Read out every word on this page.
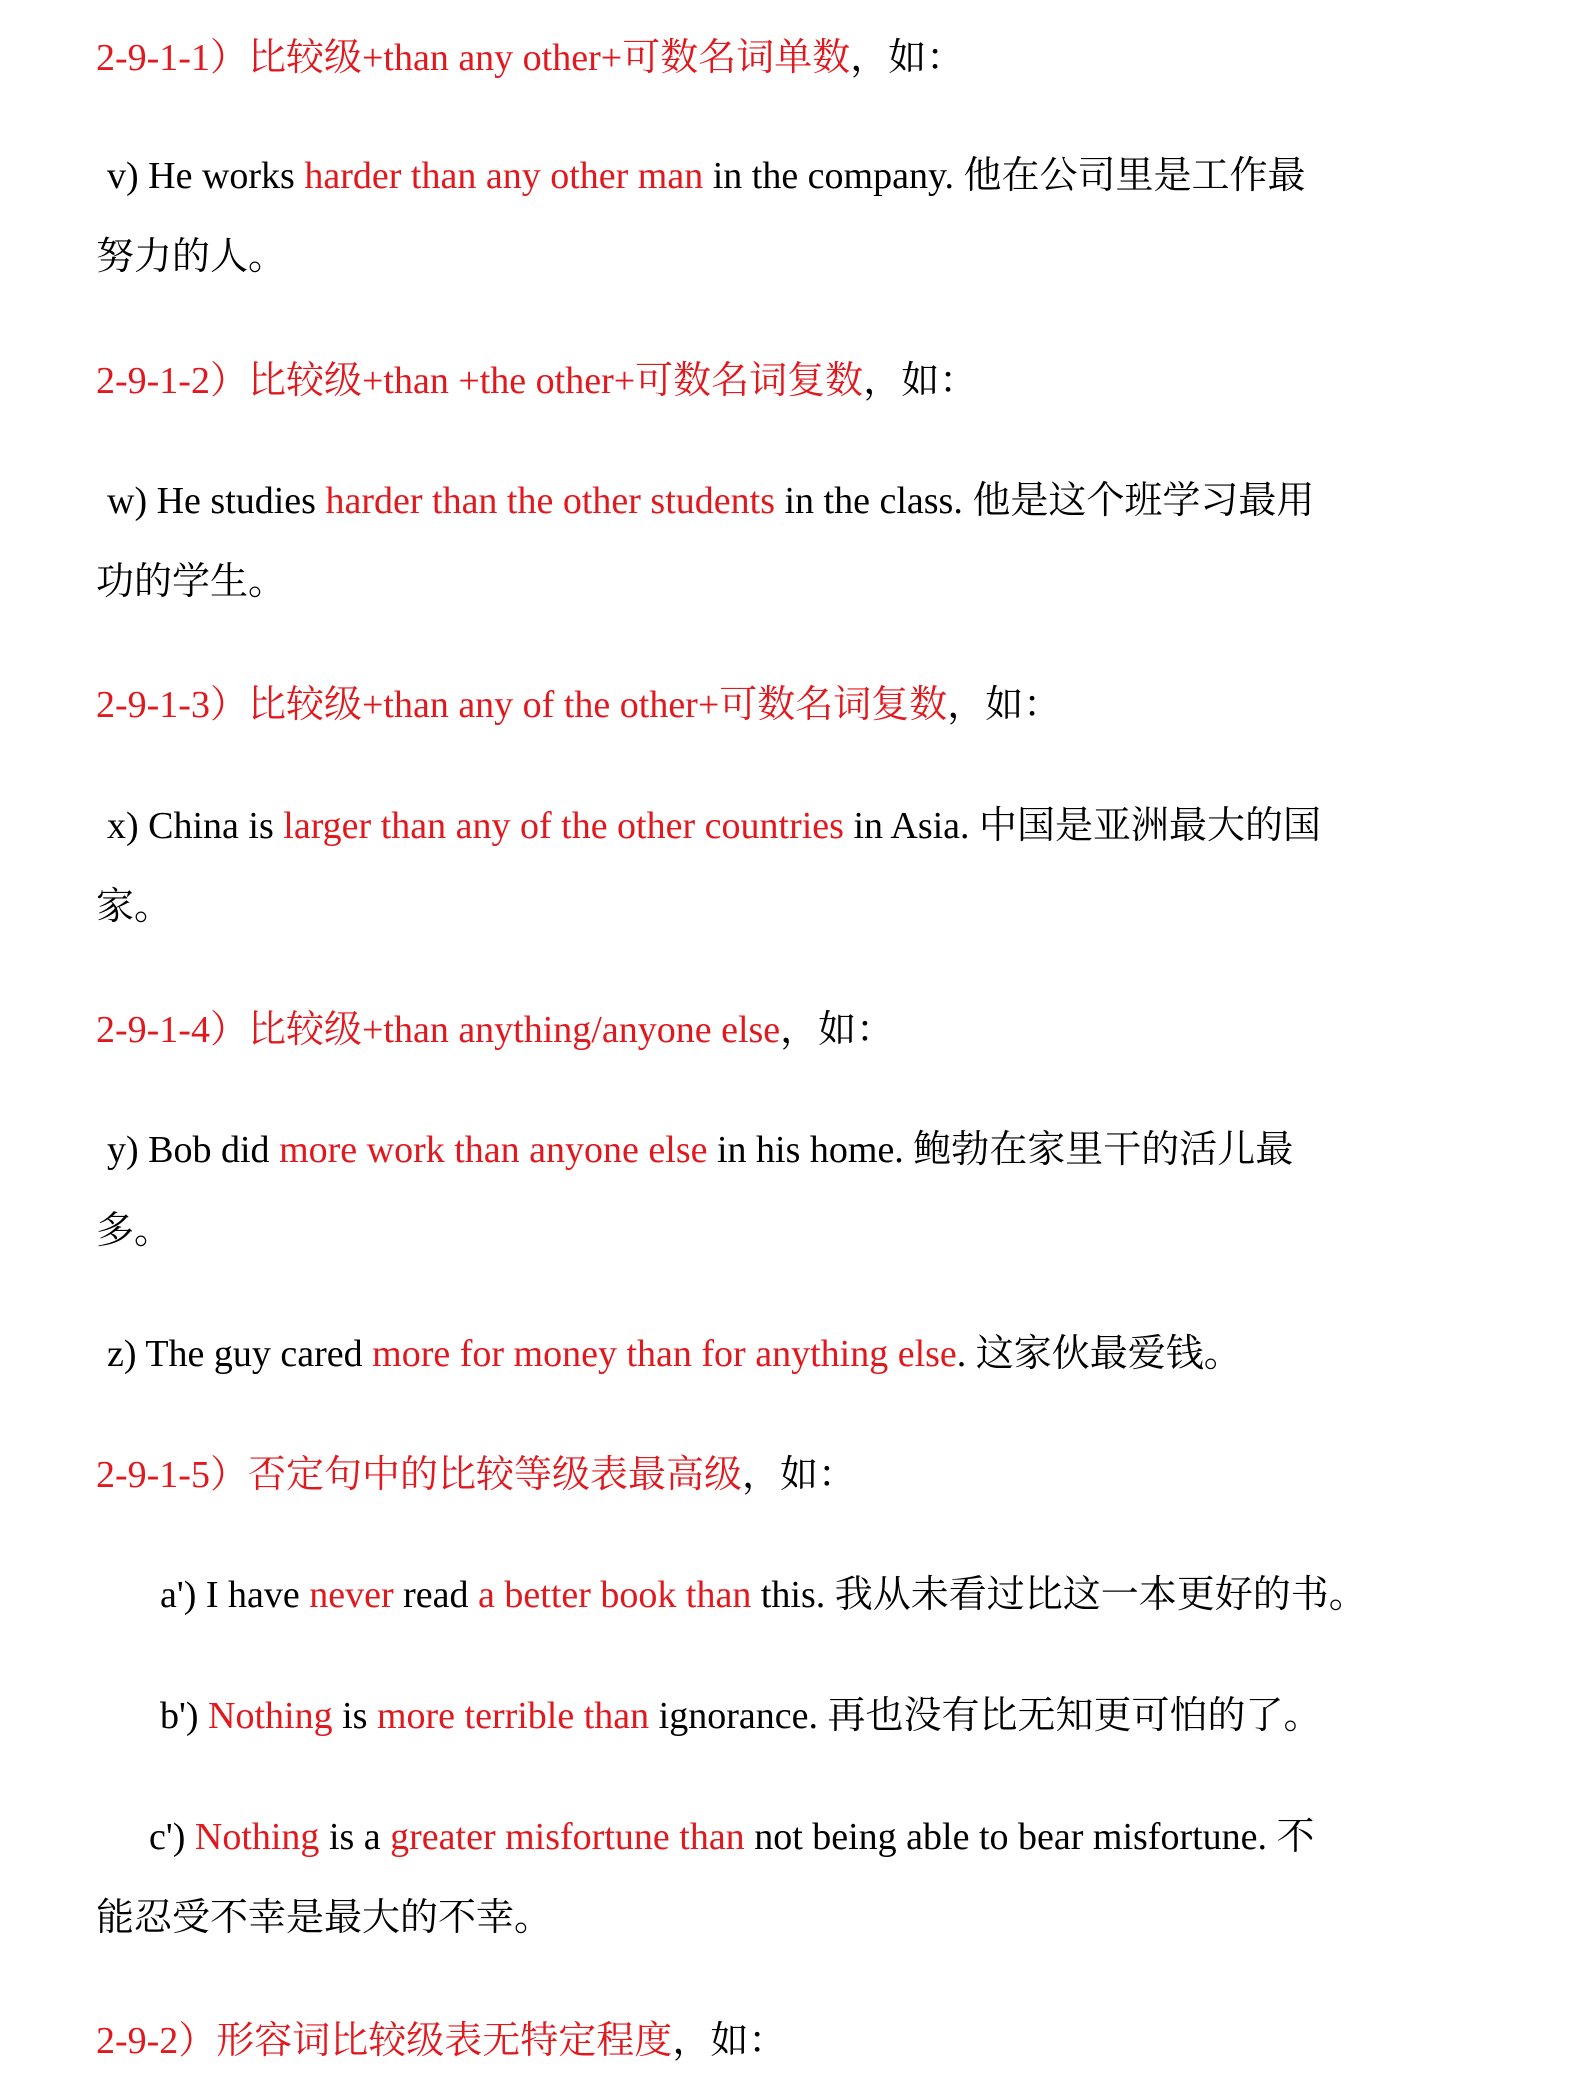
2-9-1-1）比较级+than any other+可数名词单数，如：
v) He works harder than any other man in the company. 他在公司里是工作最
努力的人。
2-9-1-2）比较级+than +the other+可数名词复数，如：
w) He studies harder than the other students in the class. 他是这个班学习最用
功的学生。
2-9-1-3）比较级+than any of the other+可数名词复数，如：
x) China is larger than any of the other countries in Asia. 中国是亚洲最大的国
家。
2-9-1-4）比较级+than anything/anyone else，如：
y) Bob did more work than anyone else in his home. 鲍勃在家里干的活儿最
多。
z) The guy cared more for money than for anything else. 这家伙最爱钱。
2-9-1-5）否定句中的比较等级表最高级，如：
a') I have never read a better book than this. 我从未看过比这一本更好的书。
b') Nothing is more terrible than ignorance. 再也没有比无知更可怕的了。
c') Nothing is a greater misfortune than not being able to bear misfortune. 不
能忍受不幸是最大的不幸。
2-9-2）形容词比较级表无特定程度，如：
